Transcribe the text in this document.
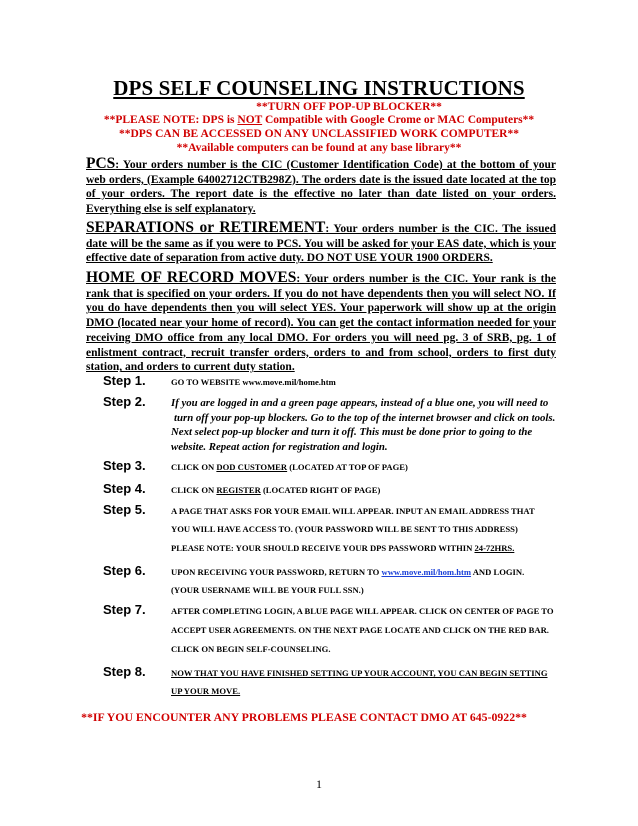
DPS SELF COUNSELING INSTRUCTIONS
**TURN OFF POP-UP BLOCKER**
**PLEASE NOTE: DPS is NOT Compatible with Google Crome or MAC Computers**
**DPS CAN BE ACCESSED ON ANY UNCLASSIFIED WORK COMPUTER**
**Available computers can be found at any base library**
PCS: Your orders number is the CIC (Customer Identification Code) at the bottom of your web orders, (Example 64002712CTB298Z). The orders date is the issued date located at the top of your orders. The report date is the effective no later than date listed on your orders. Everything else is self explanatory.
SEPARATIONS or RETIREMENT: Your orders number is the CIC. The issued date will be the same as if you were to PCS. You will be asked for your EAS date, which is your effective date of separation from active duty. DO NOT USE YOUR 1900 ORDERS.
HOME OF RECORD MOVES: Your orders number is the CIC. Your rank is the rank that is specified on your orders. If you do not have dependents then you will select NO. If you do have dependents then you will select YES. Your paperwork will show up at the origin DMO (located near your home of record). You can get the contact information needed for your receiving DMO office from any local DMO. For orders you will need pg. 3 of SRB, pg. 1 of enlistment contract, recruit transfer orders, orders to and from school, orders to first duty station, and orders to current duty station.
Step 1.	GO TO WEBSITE www.move.mil/home.htm
Step 2. If you are logged in and a green page appears, instead of a blue one, you will need to
turn off your pop-up blockers. Go to the top of the internet browser and click on tools.
Next select pop-up blocker and turn it off. This must be done prior to going to the
website. Repeat action for registration and login.
Step 3.	CLICK ON DOD CUSTOMER (LOCATED AT TOP OF PAGE)
Step 4.	CLICK ON REGISTER (LOCATED RIGHT OF PAGE)
Step 5.	A PAGE THAT ASKS FOR YOUR EMAIL WILL APPEAR. INPUT AN EMAIL ADDRESS THAT
YOU WILL HAVE ACCESS TO. (YOUR PASSWORD WILL BE SENT TO THIS ADDRESS)
PLEASE NOTE: YOUR SHOULD RECEIVE YOUR DPS PASSWORD WITHIN 24-72HRS.
Step 6.	UPON RECEIVING YOUR PASSWORD, RETURN TO www.move.mil/hom.htm AND LOGIN.
(YOUR USERNAME WILL BE YOUR FULL SSN.)
Step 7.	AFTER COMPLETING LOGIN, A BLUE PAGE WILL APPEAR. CLICK ON CENTER OF PAGE TO
ACCEPT USER AGREEMENTS. ON THE NEXT PAGE LOCATE AND CLICK ON THE RED BAR.
CLICK ON BEGIN SELF-COUNSELING.
Step 8.	NOW THAT YOU HAVE FINISHED SETTING UP YOUR ACCOUNT, YOU CAN BEGIN SETTING
UP YOUR MOVE.
**IF YOU ENCOUNTER ANY PROBLEMS PLEASE CONTACT DMO AT 645-0922**
1
